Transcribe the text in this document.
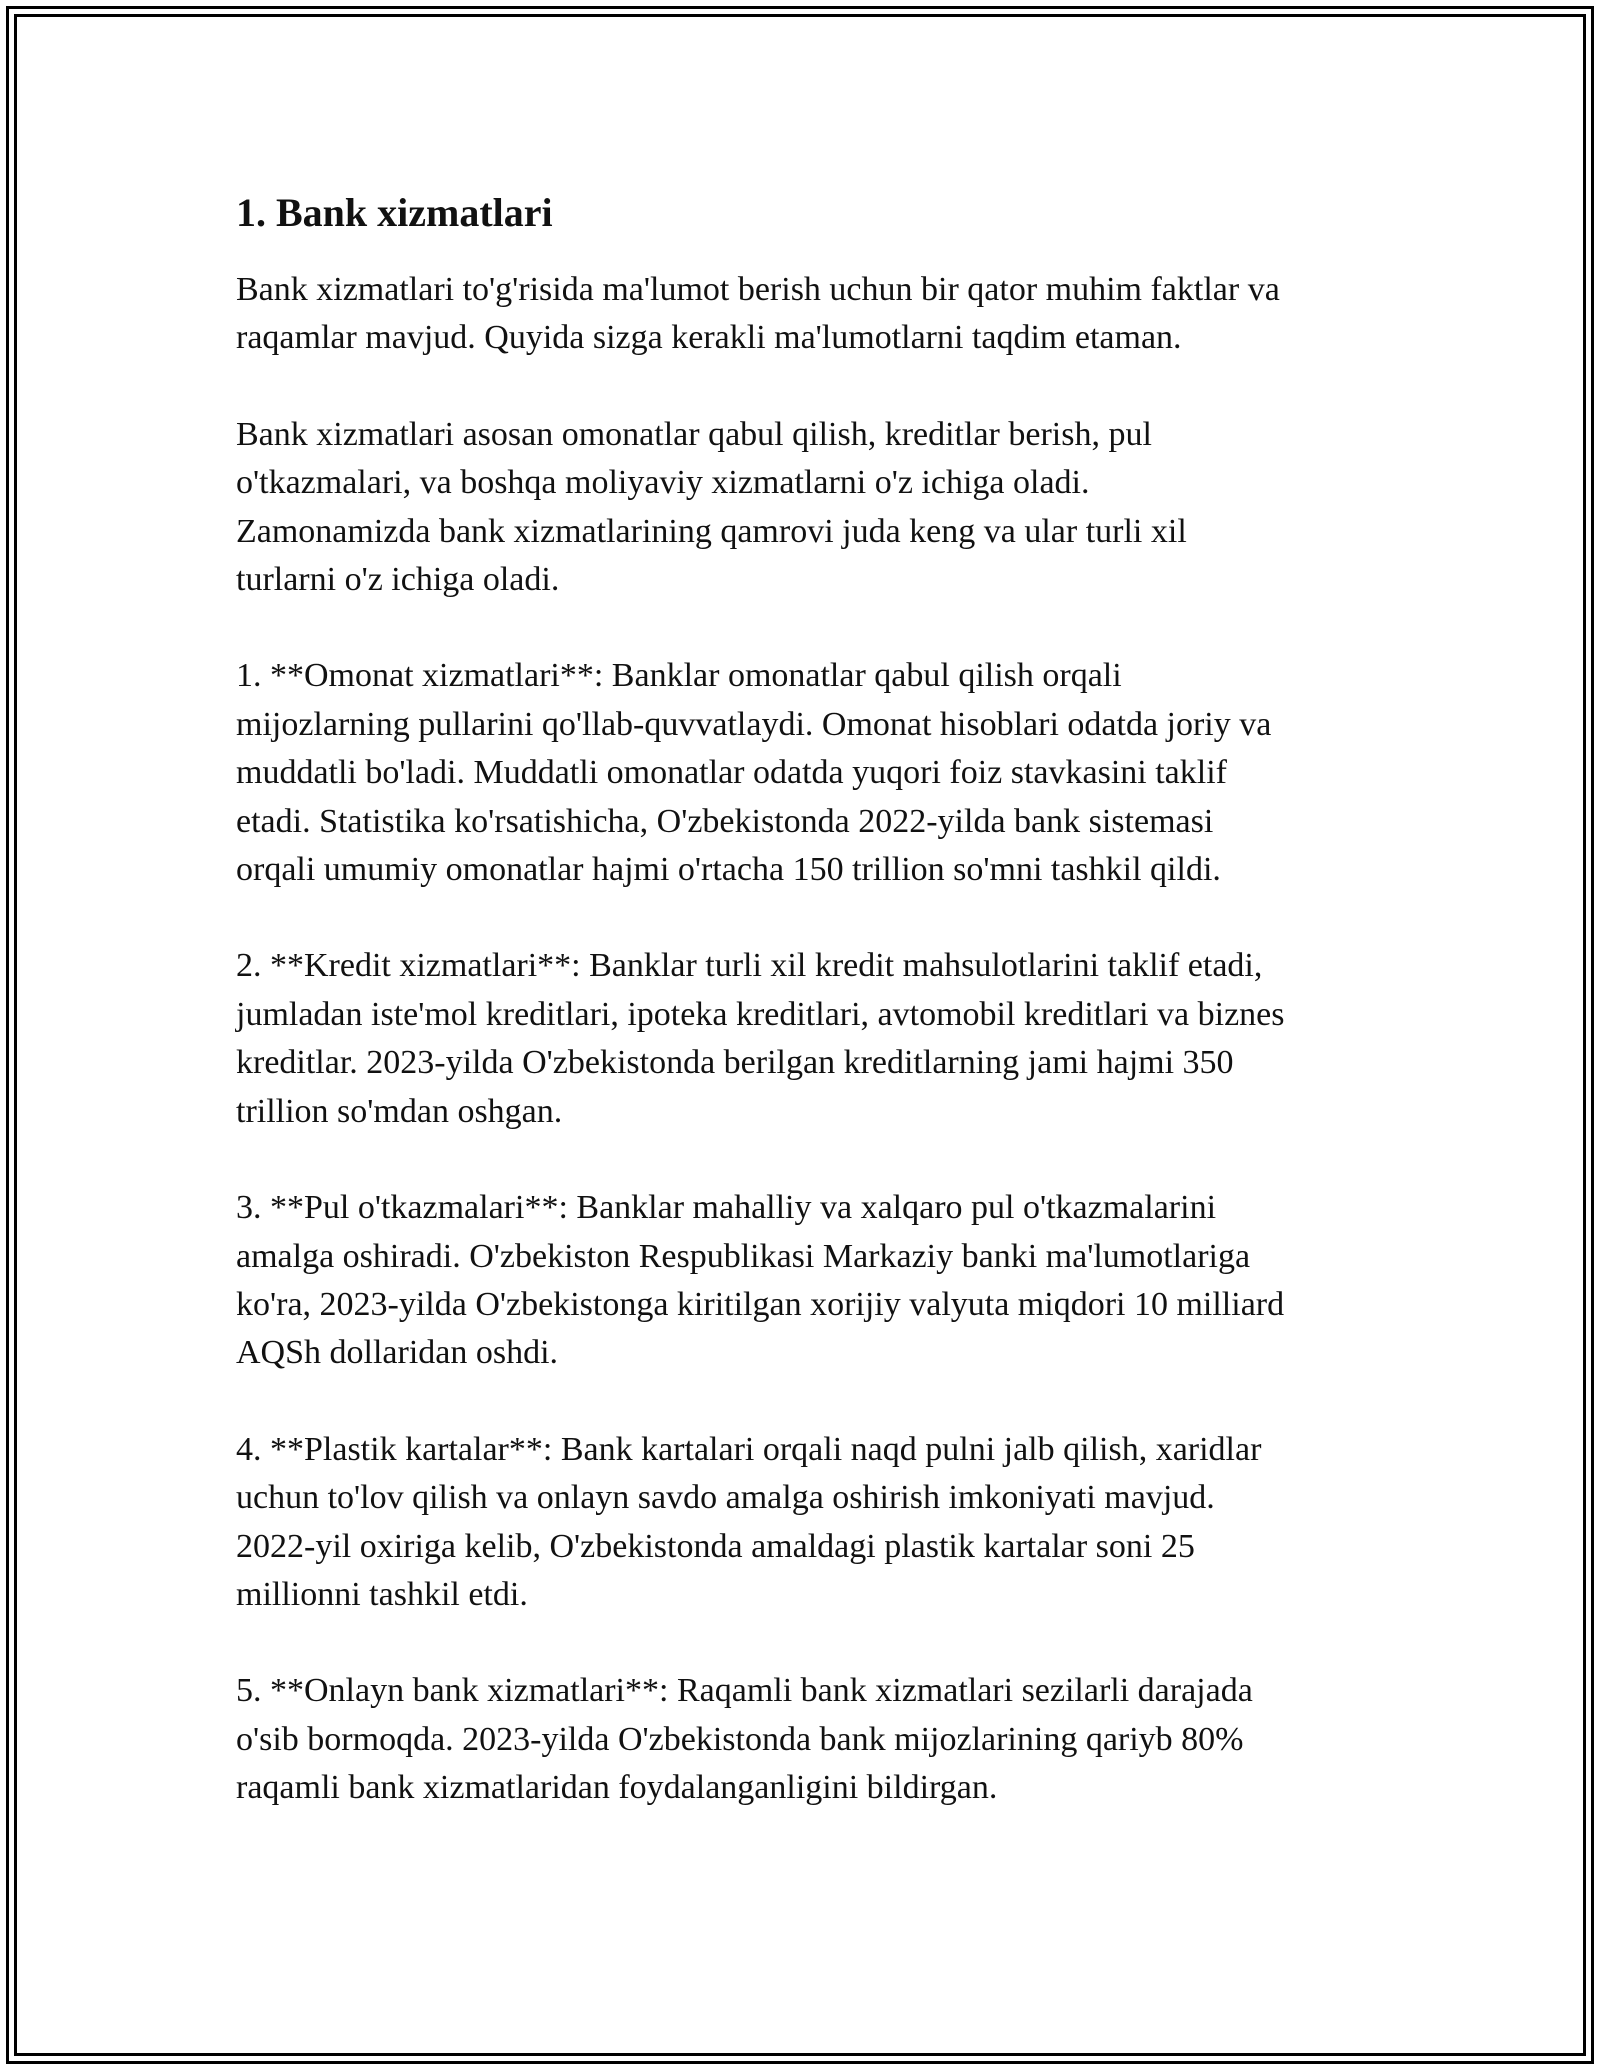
1. Bank xizmatlari

Bank xizmatlari to'g'risida ma'lumot berish uchun bir qator muhim faktlar va
raqamlar mavjud. Quyida sizga kerakli ma'lumotlarni taqdim etaman.

Bank xizmatlari asosan omonatlar qabul qilish, kreditlar berish, pul
o'tkazmalari, va boshqa moliyaviy xizmatlarni o'z ichiga oladi.
Zamonamizda bank xizmatlarining qamrovi juda keng va ular turli xil
turlarni o'z ichiga oladi.

1. **Omonat xizmatlari**: Banklar omonatlar qabul qilish orqali
mijozlarning pullarini qo'llab-quvvatlaydi. Omonat hisoblari odatda joriy va
muddatli bo'ladi. Muddatli omonatlar odatda yuqori foiz stavkasini taklif
etadi. Statistika ko'rsatishicha, O'zbekistonda 2022-yilda bank sistemasi
orqali umumiy omonatlar hajmi o'rtacha 150 trillion so'mni tashkil qildi.

2. **Kredit xizmatlari**: Banklar turli xil kredit mahsulotlarini taklif etadi,
jumladan iste'mol kreditlari, ipoteka kreditlari, avtomobil kreditlari va biznes
kreditlar. 2023-yilda O'zbekistonda berilgan kreditlarning jami hajmi 350
trillion so'mdan oshgan.

3. **Pul o'tkazmalari**: Banklar mahalliy va xalqaro pul o'tkazmalarini
amalga oshiradi. O'zbekiston Respublikasi Markaziy banki ma'lumotlariga
ko'ra, 2023-yilda O'zbekistonga kiritilgan xorijiy valyuta miqdori 10 milliard
AQSh dollaridan oshdi.

4. **Plastik kartalar**: Bank kartalari orqali naqd pulni jalb qilish, xaridlar
uchun to'lov qilish va onlayn savdo amalga oshirish imkoniyati mavjud.
2022-yil oxiriga kelib, O'zbekistonda amaldagi plastik kartalar soni 25
millionni tashkil etdi.

5. **Onlayn bank xizmatlari**: Raqamli bank xizmatlari sezilarli darajada
o'sib bormoqda. 2023-yilda O'zbekistonda bank mijozlarining qariyb 80%
raqamli bank xizmatlaridan foydalanganligini bildirgan.
